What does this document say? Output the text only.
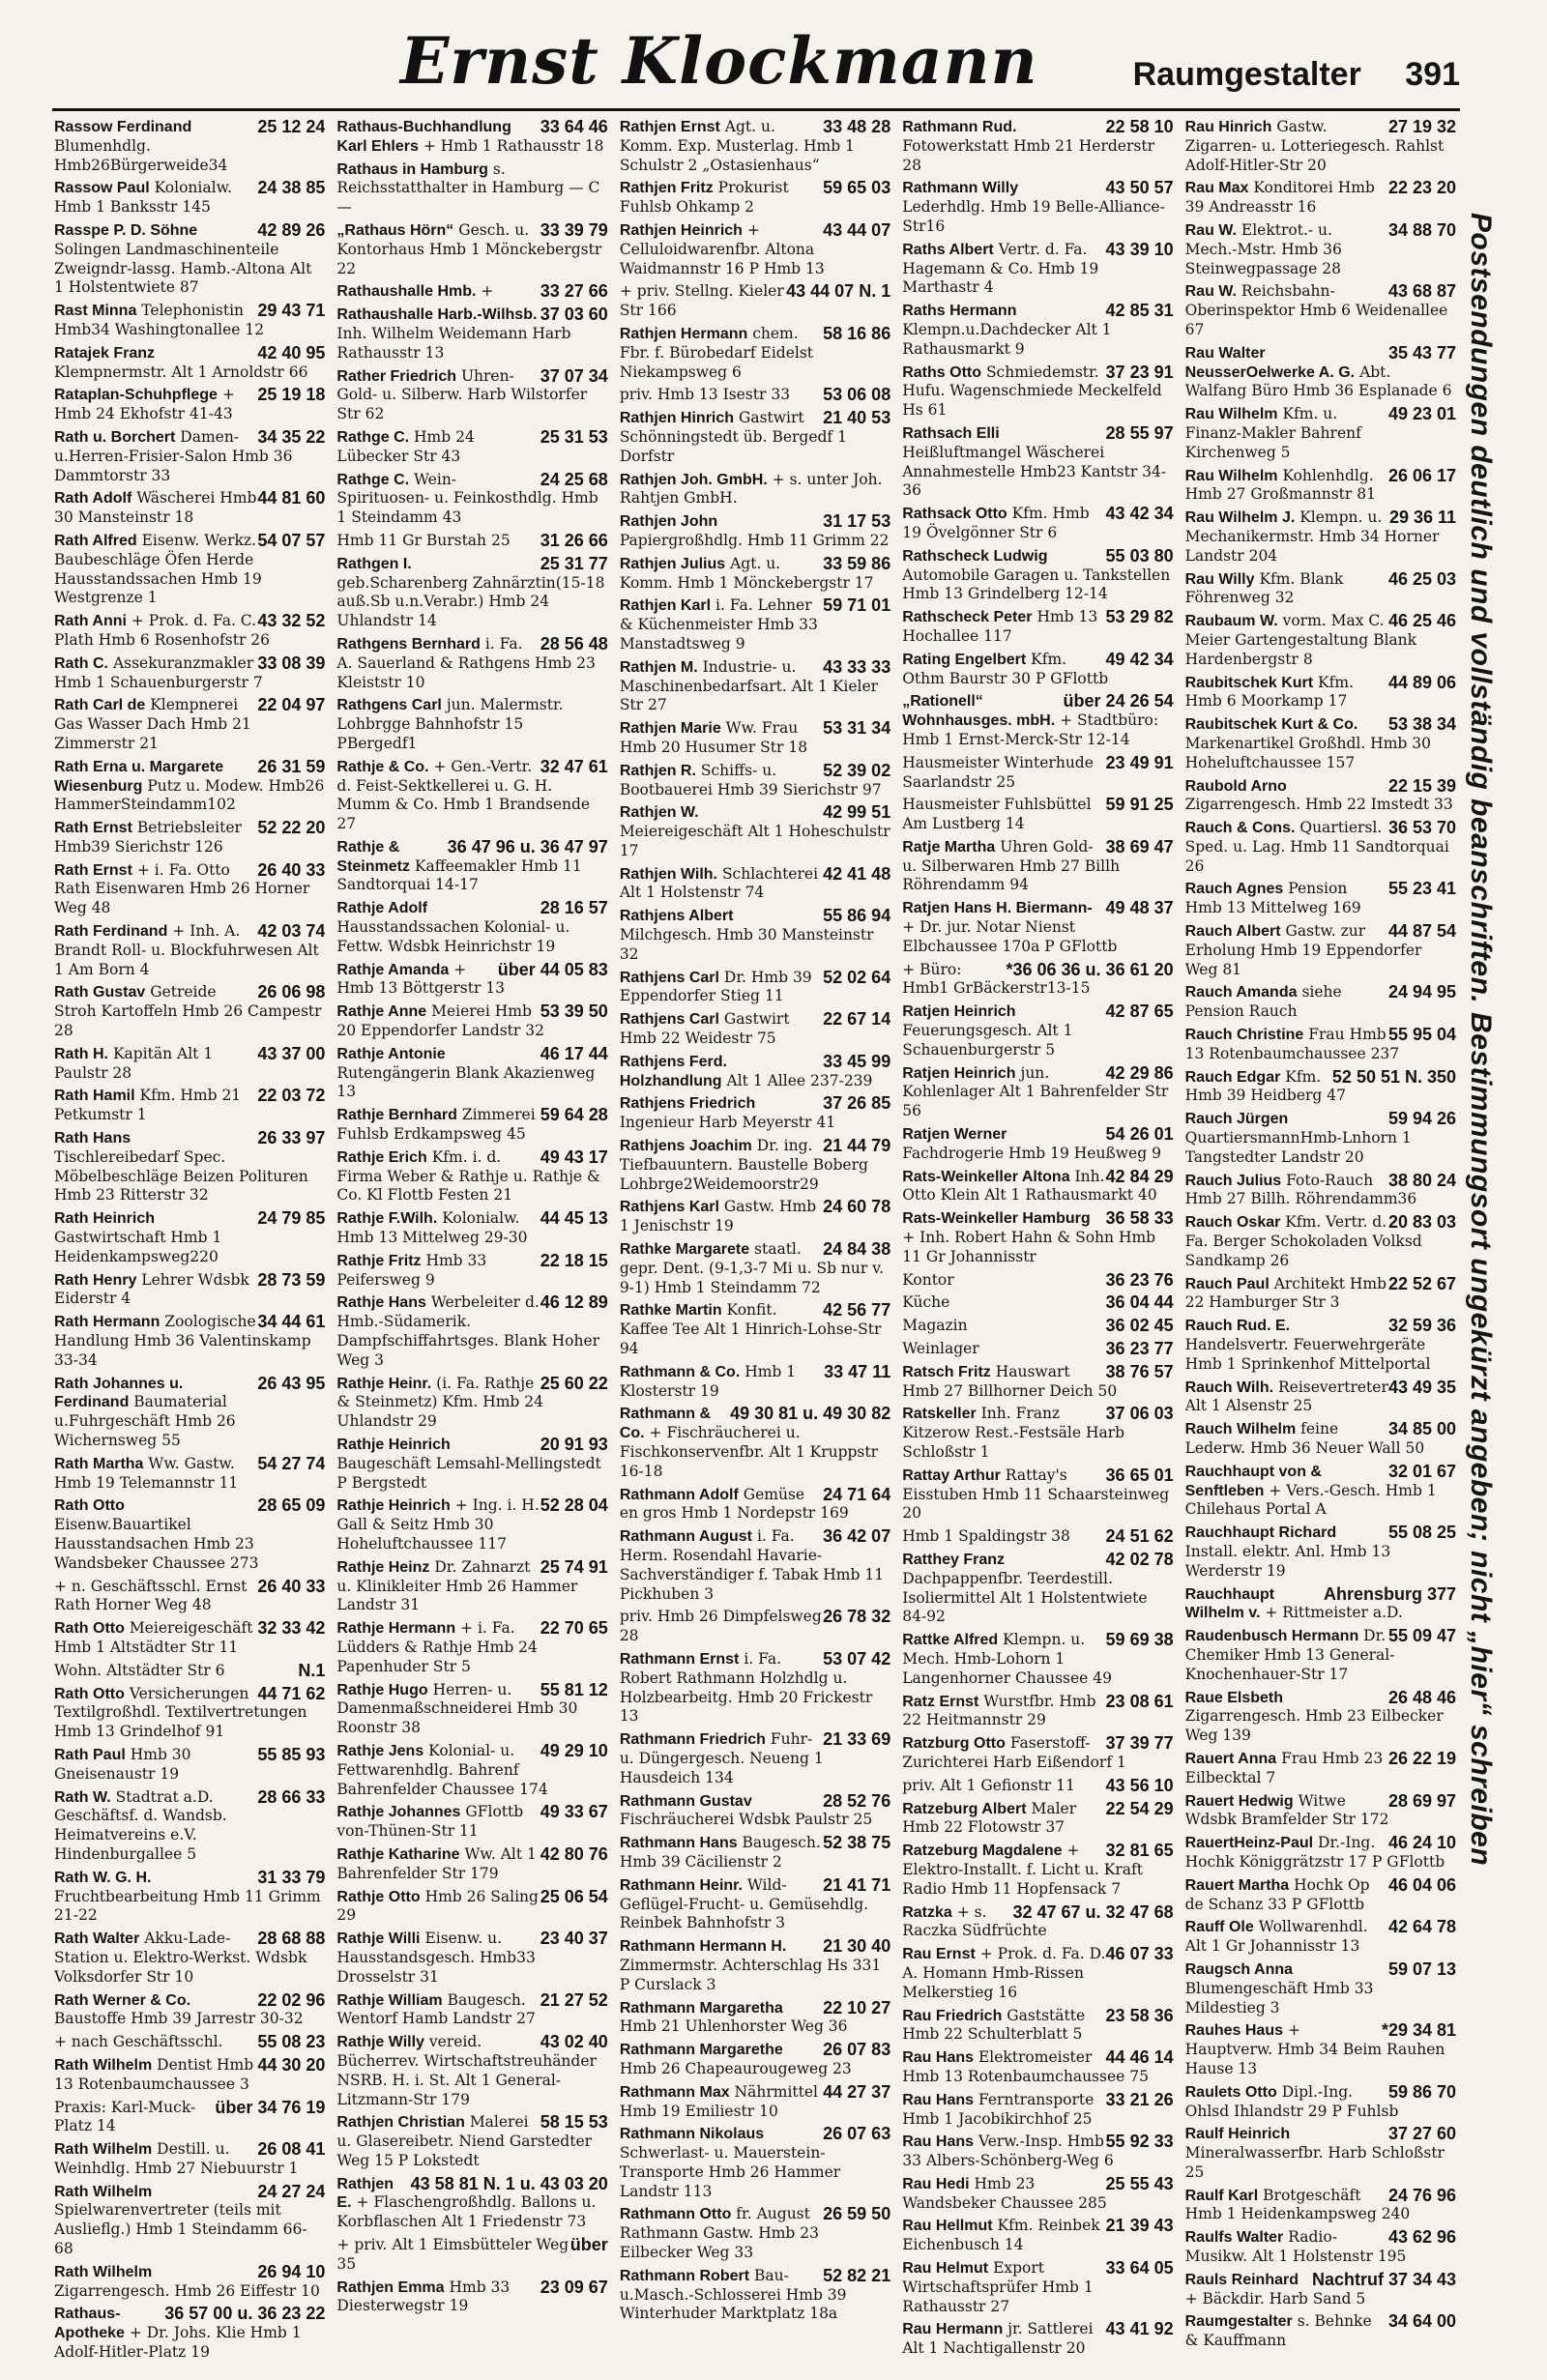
Ernst Klockmann	Raumgestalter 391
25 12 24
Rassow Ferdinand Blumenhdlg. Hmb26Bürgerweide34
24 38 85
Rassow Paul Kolonialw. Hmb 1 Banksstr 145
42 89 26
Rasspe P. D. Söhne Solingen Landmaschinenteile Zweigndr-lassg. Hamb.-Altona Alt 1 Holstentwiete 87
29 43 71
Rast Minna Telephonistin Hmb34 Washingtonallee 12
42 40 95
Ratajek Franz Klempnermstr. Alt 1 Arnoldstr 66
25 19 18
Rataplan-Schuhpflege + Hmb 24 Ekhofstr 41-43
34 35 22
Rath u. Borchert Damen- u.Herren-Frisier-Salon Hmb 36 Dammtorstr 33
44 81 60
Rath Adolf Wäscherei Hmb 30 Mansteinstr 18
54 07 57
Rath Alfred Eisenw. Werkz. Baubeschläge Öfen Herde Hausstandssachen Hmb 19 Westgrenze 1
43 32 52
Rath Anni + Prok. d. Fa. C. Plath Hmb 6 Rosenhofstr 26
33 08 39
Rath C. Assekuranzmakler Hmb 1 Schauenburgerstr 7
22 04 97
Rath Carl de Klempnerei Gas Wasser Dach Hmb 21 Zimmerstr 21
26 31 59
Rath Erna u. Margarete Wiesenburg Putz u. Modew. Hmb26 HammerSteindamm102
52 22 20
Rath Ernst Betriebsleiter Hmb39 Sierichstr 126
26 40 33
Rath Ernst + i. Fa. Otto Rath Eisenwaren Hmb 26 Horner Weg 48
42 03 74
Rath Ferdinand + Inh. A. Brandt Roll- u. Blockfuhrwesen Alt 1 Am Born 4
26 06 98
Rath Gustav Getreide Stroh Kartoffeln Hmb 26 Campestr 28
43 37 00
Rath H. Kapitän Alt 1 Paulstr 28
22 03 72
Rath Hamil Kfm. Hmb 21 Petkumstr 1
26 33 97
Rath Hans Tischlereibedarf Spec. Möbelbeschläge Beizen Polituren Hmb 23 Ritterstr 32
24 79 85
Rath Heinrich Gastwirtschaft Hmb 1 Heidenkampsweg220
28 73 59
Rath Henry Lehrer Wdsbk Eiderstr 4
34 44 61
Rath Hermann Zoologische Handlung Hmb 36 Valentinskamp 33-34
26 43 95
Rath Johannes u. Ferdinand Baumaterial u.Fuhrgeschäft Hmb 26 Wichernsweg 55
54 27 74
Rath Martha Ww. Gastw. Hmb 19 Telemannstr 11
28 65 09
Rath Otto Eisenw.Bauartikel Hausstandsachen Hmb 23 Wandsbeker Chaussee 273
26 40 33
+ n. Geschäftsschl. Ernst Rath Horner Weg 48
32 33 42
Rath Otto Meiereigeschäft Hmb 1 Altstädter Str 11
N.1
Wohn. Altstädter Str 6
44 71 62
Rath Otto Versicherungen Textilgroßhdl. Textilvertretungen Hmb 13 Grindelhof 91
55 85 93
Rath Paul Hmb 30 Gneisenaustr 19
28 66 33
Rath W. Stadtrat a.D. Geschäftsf. d. Wandsb. Heimatvereins e.V. Hindenburgallee 5
31 33 79
Rath W. G. H. Fruchtbearbeitung Hmb 11 Grimm 21-22
28 68 88
Rath Walter Akku-Lade-Station u. Elektro-Werkst. Wdsbk Volksdorfer Str 10
22 02 96
Rath Werner & Co. Baustoffe Hmb 39 Jarrestr 30-32
55 08 23
+ nach Geschäftsschl.
44 30 20
Rath Wilhelm Dentist Hmb 13 Rotenbaumchaussee 3
über 34 76 19
Praxis: Karl-Muck-Platz 14
26 08 41
Rath Wilhelm Destill. u. Weinhdlg. Hmb 27 Niebuurstr 1
24 27 24
Rath Wilhelm Spielwarenvertreter (teils mit Auslieflg.) Hmb 1 Steindamm 66-68
26 94 10
Rath Wilhelm Zigarrengesch. Hmb 26 Eiffestr 10
36 57 00 u. 36 23 22
Rathaus-Apotheke + Dr. Johs. Klie Hmb 1 Adolf-Hitler-Platz 19
33 64 46
Rathaus-Buchhandlung Karl Ehlers + Hmb 1 Rathausstr 18
Rathaus in Hamburg s. Reichsstatthalter in Hamburg — C —
33 39 79
„Rathaus Hörn“ Gesch. u. Kontorhaus Hmb 1 Mönckebergstr 22
33 27 66
Rathaushalle Hmb. +
37 03 60
Rathaushalle Harb.-Wilhsb. Inh. Wilhelm Weidemann Harb Rathausstr 13
37 07 34
Rather Friedrich Uhren- Gold- u. Silberw. Harb Wilstorfer Str 62
25 31 53
Rathge C. Hmb 24 Lübecker Str 43
24 25 68
Rathge C. Wein- Spirituosen- u. Feinkosthdlg. Hmb 1 Steindamm 43
31 26 66
Hmb 11 Gr Burstah 25
25 31 77
Rathgen I. geb.Scharenberg Zahnärztin(15-18 auß.Sb u.n.Verabr.) Hmb 24 Uhlandstr 14
28 56 48
Rathgens Bernhard i. Fa. A. Sauerland & Rathgens Hmb 23 Kleiststr 10
Rathgens Carl jun. Malermstr. Lohbrgge Bahnhofstr 15 PBergedf1
32 47 61
Rathje & Co. + Gen.-Vertr. d. Feist-Sektkellerei u. G. H. Mumm & Co. Hmb 1 Brandsende 27
36 47 96 u. 36 47 97
Rathje & Steinmetz Kaffeemakler Hmb 11 Sandtorquai 14-17
28 16 57
Rathje Adolf Hausstandssachen Kolonial- u. Fettw. Wdsbk Heinrichstr 19
über 44 05 83
Rathje Amanda + Hmb 13 Böttgerstr 13
53 39 50
Rathje Anne Meierei Hmb 20 Eppendorfer Landstr 32
46 17 44
Rathje Antonie Rutengängerin Blank Akazienweg 13
59 64 28
Rathje Bernhard Zimmerei Fuhlsb Erdkampsweg 45
49 43 17
Rathje Erich Kfm. i. d. Firma Weber & Rathje u. Rathje & Co. Kl Flottb Festen 21
44 45 13
Rathje F.Wilh. Kolonialw. Hmb 13 Mittelweg 29-30
22 18 15
Rathje Fritz Hmb 33 Peifersweg 9
46 12 89
Rathje Hans Werbeleiter d. Hmb.-Südamerik. Dampfschiffahrtsges. Blank Hoher Weg 3
25 60 22
Rathje Heinr. (i. Fa. Rathje & Steinmetz) Kfm. Hmb 24 Uhlandstr 29
20 91 93
Rathje Heinrich Baugeschäft Lemsahl-Mellingstedt P Bergstedt
52 28 04
Rathje Heinrich + Ing. i. H. Gall & Seitz Hmb 30 Hoheluftchaussee 117
25 74 91
Rathje Heinz Dr. Zahnarzt u. Klinikleiter Hmb 26 Hammer Landstr 31
22 70 65
Rathje Hermann + i. Fa. Lüdders & Rathje Hmb 24 Papenhuder Str 5
55 81 12
Rathje Hugo Herren- u. Damenmaßschneiderei Hmb 30 Roonstr 38
49 29 10
Rathje Jens Kolonial- u. Fettwarenhdlg. Bahrenf Bahrenfelder Chaussee 174
49 33 67
Rathje Johannes GFlottb von-Thünen-Str 11
42 80 76
Rathje Katharine Ww. Alt 1 Bahrenfelder Str 179
25 06 54
Rathje Otto Hmb 26 Saling 29
23 40 37
Rathje Willi Eisenw. u. Hausstandsgesch. Hmb33 Drosselstr 31
21 27 52
Rathje William Baugesch. Wentorf Hamb Landstr 27
43 02 40
Rathje Willy vereid. Bücherrev. Wirtschaftstreuhänder NSRB. H. i. St. Alt 1 General-Litzmann-Str 179
58 15 53
Rathjen Christian Malerei u. Glasereibetr. Niend Garstedter Weg 15 P Lokstedt
43 58 81 N. 1 u. 43 03 20
Rathjen E. + Flaschengroßhdlg. Ballons u. Korbflaschen Alt 1 Friedenstr 73
über
+ priv. Alt 1 Eimsbütteler Weg 35
23 09 67
Rathjen Emma Hmb 33 Diesterwegstr 19
33 48 28
Rathjen Ernst Agt. u. Komm. Exp. Musterlag. Hmb 1 Schulstr 2 „Ostasienhaus“
59 65 03
Rathjen Fritz Prokurist Fuhlsb Ohkamp 2
43 44 07
Rathjen Heinrich + Celluloidwarenfbr. Altona Waidmannstr 16 P Hmb 13
43 44 07 N. 1
+ priv. Stellng. Kieler Str 166
58 16 86
Rathjen Hermann chem. Fbr. f. Bürobedarf Eidelst Niekampsweg 6
53 06 08
priv. Hmb 13 Isestr 33
21 40 53
Rathjen Hinrich Gastwirt Schönningstedt üb. Bergedf 1 Dorfstr
Rathjen Joh. GmbH. + s. unter Joh. Rahtjen GmbH.
31 17 53
Rathjen John Papiergroßhdlg. Hmb 11 Grimm 22
33 59 86
Rathjen Julius Agt. u. Komm. Hmb 1 Mönckebergstr 17
59 71 01
Rathjen Karl i. Fa. Lehner & Küchenmeister Hmb 33 Manstadtsweg 9
43 33 33
Rathjen M. Industrie- u. Maschinenbedarfsart. Alt 1 Kieler Str 27
53 31 34
Rathjen Marie Ww. Frau Hmb 20 Husumer Str 18
52 39 02
Rathjen R. Schiffs- u. Bootbauerei Hmb 39 Sierichstr 97
42 99 51
Rathjen W. Meiereigeschäft Alt 1 Hoheschulstr 17
42 41 48
Rathjen Wilh. Schlachterei Alt 1 Holstenstr 74
55 86 94
Rathjens Albert Milchgesch. Hmb 30 Mansteinstr 32
52 02 64
Rathjens Carl Dr. Hmb 39 Eppendorfer Stieg 11
22 67 14
Rathjens Carl Gastwirt Hmb 22 Weidestr 75
33 45 99
Rathjens Ferd. Holzhandlung Alt 1 Allee 237-239
37 26 85
Rathjens Friedrich Ingenieur Harb Meyerstr 41
21 44 79
Rathjens Joachim Dr. ing. Tiefbauuntern. Baustelle Boberg Lohbrge2Weidemoorstr29
24 60 78
Rathjens Karl Gastw. Hmb 1 Jenischstr 19
24 84 38
Rathke Margarete staatl. gepr. Dent. (9-1,3-7 Mi u. Sb nur v. 9-1) Hmb 1 Steindamm 72
42 56 77
Rathke Martin Konfit. Kaffee Tee Alt 1 Hinrich-Lohse-Str 94
33 47 11
Rathmann & Co. Hmb 1 Klosterstr 19
49 30 81 u. 49 30 82
Rathmann & Co. + Fischräucherei u. Fischkonservenfbr. Alt 1 Kruppstr 16-18
24 71 64
Rathmann Adolf Gemüse en gros Hmb 1 Nordерstr 169
36 42 07
Rathmann August i. Fa. Herm. Rosendahl Havarie-Sachverständiger f. Tabak Hmb 11 Pickhuben 3
26 78 32
priv. Hmb 26 Dimpfelsweg 28
53 07 42
Rathmann Ernst i. Fa. Robert Rathmann Holzhdlg u. Holzbearbeitg. Hmb 20 Frickestr 13
21 33 69
Rathmann Friedrich Fuhr- u. Düngergesch. Neueng 1 Hausdeich 134
28 52 76
Rathmann Gustav Fischräucherei Wdsbk Paulstr 25
52 38 75
Rathmann Hans Baugesch. Hmb 39 Cäcilienstr 2
21 41 71
Rathmann Heinr. Wild-Geflügel-Frucht- u. Gemüsehdlg. Reinbek Bahnhofstr 3
21 30 40
Rathmann Hermann H. Zimmermstr. Achterschlag Hs 331 P Curslack 3
22 10 27
Rathmann Margaretha Hmb 21 Uhlenhorster Weg 36
26 07 83
Rathmann Margarethe Hmb 26 Chapeaurougeweg 23
44 27 37
Rathmann Max Nährmittel Hmb 19 Emiliestr 10
26 07 63
Rathmann Nikolaus Schwerlast- u. Mauerstein-Transporte Hmb 26 Hammer Landstr 113
26 59 50
Rathmann Otto fr. August Rathmann Gastw. Hmb 23 Eilbecker Weg 33
52 82 21
Rathmann Robert Bau-u.Masch.-Schlosserei Hmb 39 Winterhuder Marktplatz 18a
22 58 10
Rathmann Rud. Fotowerkstatt Hmb 21 Herderstr 28
43 50 57
Rathmann Willy Lederhdlg. Hmb 19 Belle-Alliance-Str16
43 39 10
Raths Albert Vertr. d. Fa. Hagemann & Co. Hmb 19 Marthastr 4
42 85 31
Raths Hermann Klempn.u.Dachdecker Alt 1 Rathausmarkt 9
37 23 91
Raths Otto Schmiedemstr. Hufu. Wagenschmiede Meckelfeld Hs 61
28 55 97
Rathsach Elli Heißluftmangel Wäscherei Annahmestelle Hmb23 Kantstr 34-36
43 42 34
Rathsack Otto Kfm. Hmb 19 Övelgönner Str 6
55 03 80
Rathscheck Ludwig Automobile Garagen u. Tankstellen Hmb 13 Grindelberg 12-14
53 29 82
Rathscheck Peter Hmb 13 Hochallee 117
49 42 34
Rating Engelbert Kfm. Othm Baurstr 30 P GFlottb
über 24 26 54
„Rationell“ Wohnhausges. mbH. + Stadtbüro: Hmb 1 Ernst-Merck-Str 12-14
23 49 91
Hausmeister Winterhude Saarlandstr 25
59 91 25
Hausmeister Fuhlsbüttel Am Lustberg 14
38 69 47
Ratje Martha Uhren Gold- u. Silberwaren Hmb 27 Billh Röhrendamm 94
49 48 37
Ratjen Hans H. Biermann- + Dr. jur. Notar Nienst Elbchaussee 170a P GFlottb
*36 06 36 u. 36 61 20
+ Büro: Hmb1 GrBäckerstr13-15
42 87 65
Ratjen Heinrich Feuerungsgesch. Alt 1 Schauenburgerstr 5
42 29 86
Ratjen Heinrich jun. Kohlenlager Alt 1 Bahrenfelder Str 56
54 26 01
Ratjen Werner Fachdrogerie Hmb 19 Heußweg 9
42 84 29
Rats-Weinkeller Altona Inh. Otto Klein Alt 1 Rathausmarkt 40
36 58 33
Rats-Weinkeller Hamburg + Inh. Robert Hahn & Sohn Hmb 11 Gr Johannisstr
36 23 76
Kontor
36 04 44
Küche
36 02 45
Magazin
36 23 77
Weinlager
38 76 57
Ratsch Fritz Hauswart Hmb 27 Billhorner Deich 50
37 06 03
Ratskeller Inh. Franz Kitzerow Rest.-Festsäle Harb Schloßstr 1
36 65 01
Rattay Arthur Rattay's Eisstuben Hmb 11 Schaarsteinweg 20
24 51 62
Hmb 1 Spaldingstr 38
42 02 78
Ratthey Franz Dachpappenfbr. Teerdestill. Isoliermittel Alt 1 Holstentwiete 84-92
59 69 38
Rattke Alfred Klempn. u. Mech. Hmb-Lohorn 1 Langenhorner Chaussee 49
23 08 61
Ratz Ernst Wurstfbr. Hmb 22 Heitmannstr 29
37 39 77
Ratzburg Otto Faserstoff-Zurichterei Harb Eißendorf 1
43 56 10
priv. Alt 1 Gefionstr 11
22 54 29
Ratzeburg Albert Maler Hmb 22 Flotowstr 37
32 81 65
Ratzeburg Magdalene + Elektro-Installt. f. Licht u. Kraft Radio Hmb 11 Hopfensack 7
32 47 67 u. 32 47 68
Ratzka + s. Raczka Südfrüchte
46 07 33
Rau Ernst + Prok. d. Fa. D. A. Homann Hmb-Rissen Melkerstieg 16
23 58 36
Rau Friedrich Gaststätte Hmb 22 Schulterblatt 5
44 46 14
Rau Hans Elektromeister Hmb 13 Rotenbaumchaussee 75
33 21 26
Rau Hans Ferntransporte Hmb 1 Jacobikirchhof 25
55 92 33
Rau Hans Verw.-Insp. Hmb 33 Albers-Schönberg-Weg 6
25 55 43
Rau Hedi Hmb 23 Wandsbeker Chaussee 285
21 39 43
Rau Hellmut Kfm. Reinbek Eichenbusch 14
33 64 05
Rau Helmut Export Wirtschaftsprüfer Hmb 1 Rathausstr 27
43 41 92
Rau Hermann jr. Sattlerei Alt 1 Nachtigallenstr 20
27 19 32
Rau Hinrich Gastw. Zigarren- u. Lotteriegesch. Rahlst Adolf-Hitler-Str 20
22 23 20
Rau Max Konditorei Hmb 39 Andreasstr 16
34 88 70
Rau W. Elektrot.- u. Mech.-Mstr. Hmb 36 Steinwegpassage 28
43 68 87
Rau W. Reichsbahn-Oberinspektor Hmb 6 Weidenallee 67
35 43 77
Rau Walter NeusserOelwerke A. G. Abt. Walfang Büro Hmb 36 Esplanade 6
49 23 01
Rau Wilhelm Kfm. u. Finanz-Makler Bahrenf Kirchenweg 5
26 06 17
Rau Wilhelm Kohlenhdlg. Hmb 27 Großmannstr 81
29 36 11
Rau Wilhelm J. Klempn. u. Mechanikermstr. Hmb 34 Horner Landstr 204
46 25 03
Rau Willy Kfm. Blank Föhrenweg 32
46 25 46
Raubaum W. vorm. Max C. Meier Gartengestaltung Blank Hardenbergstr 8
44 89 06
Raubitschek Kurt Kfm. Hmb 6 Moorkamp 17
53 38 34
Raubitschek Kurt & Co. Markenartikel Großhdl. Hmb 30 Hoheluftchaussee 157
22 15 39
Raubold Arno Zigarrengesch. Hmb 22 Imstedt 33
36 53 70
Rauch & Cons. Quartiersl. Sped. u. Lag. Hmb 11 Sandtorquai 26
55 23 41
Rauch Agnes Pension Hmb 13 Mittelweg 169
44 87 54
Rauch Albert Gastw. zur Erholung Hmb 19 Eppendorfer Weg 81
24 94 95
Rauch Amanda siehe Pension Rauch
55 95 04
Rauch Christine Frau Hmb 13 Rotenbaumchaussee 237
52 50 51 N. 350
Rauch Edgar Kfm. Hmb 39 Heidberg 47
59 94 26
Rauch Jürgen QuartiersmannHmb-Lnhorn 1 Tangstedter Landstr 20
38 80 24
Rauch Julius Foto-Rauch Hmb 27 Billh. Röhrendamm36
20 83 03
Rauch Oskar Kfm. Vertr. d. Fa. Berger Schokoladen Volksd Sandkamp 26
22 52 67
Rauch Paul Architekt Hmb 22 Hamburger Str 3
32 59 36
Rauch Rud. E. Handelsvertr. Feuerwehrgeräte Hmb 1 Sprinkenhof Mittelportal
43 49 35
Rauch Wilh. Reisevertreter Alt 1 Alsenstr 25
34 85 00
Rauch Wilhelm feine Lederw. Hmb 36 Neuer Wall 50
32 01 67
Rauchhaupt von & Senftleben + Vers.-Gesch. Hmb 1 Chilehaus Portal A
55 08 25
Rauchhaupt Richard Install. elektr. Anl. Hmb 13 Werderstr 19
Ahrensburg 377
Rauchhaupt Wilhelm v. + Rittmeister a.D.
55 09 47
Raudenbusch Hermann Dr. Chemiker Hmb 13 General-Knochenhauer-Str 17
26 48 46
Raue Elsbeth Zigarrengesch. Hmb 23 Eilbecker Weg 139
26 22 19
Rauert Anna Frau Hmb 23 Eilbecktal 7
28 69 97
Rauert Hedwig Witwe Wdsbk Bramfelder Str 172
46 24 10
RauertHeinz-Paul Dr.-Ing. Hochk Königgrätzstr 17 P GFlottb
46 04 06
Rauert Martha Hochk Op de Schanz 33 P GFlottb
42 64 78
Rauff Ole Wollwarenhdl. Alt 1 Gr Johannisstr 13
59 07 13
Raugsch Anna Blumengeschäft Hmb 33 Mildestieg 3
*29 34 81
Rauhes Haus + Hauptverw. Hmb 34 Beim Rauhen Hause 13
59 86 70
Raulets Otto Dipl.-Ing. Ohlsd Ihlandstr 29 P Fuhlsb
37 27 60
Raulf Heinrich Mineralwasserfbr. Harb Schloßstr 25
24 76 96
Raulf Karl Brotgeschäft Hmb 1 Heidenkampsweg 240
43 62 96
Raulfs Walter Radio-Musikw. Alt 1 Holstenstr 195
Nachtruf 37 34 43
Rauls Reinhard + Bäckdir. Harb Sand 5
34 64 00
Raumgestalter s. Behnke & Kauffmann
Postsendungen deutlich und vollständig beanschriften. Bestimmungsort ungekürzt angeben; nicht „hier“ schreiben
